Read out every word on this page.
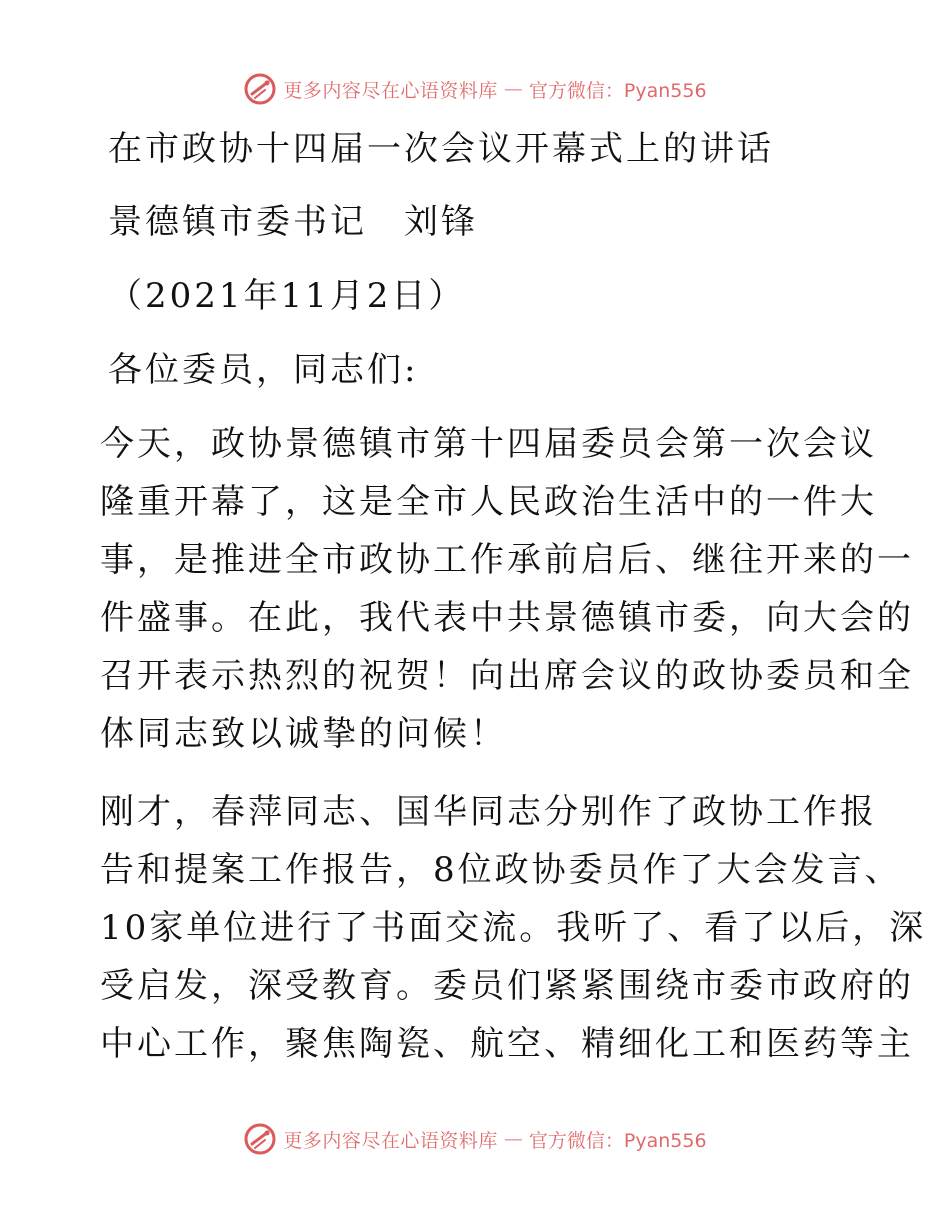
更多内容尽在心语资料库 — 官方微信：Pyan556
在市政协十四届一次会议开幕式上的讲话
景德镇市委书记　刘锋
（2021年11月2日）
各位委员，同志们:
今天，政协景德镇市第十四届委员会第一次会议
隆重开幕了，这是全市人民政治生活中的一件大
事，是推进全市政协工作承前启后、继往开来的一
件盛事。在此，我代表中共景德镇市委，向大会的
召开表示热烈的祝贺！向出席会议的政协委员和全
体同志致以诚挚的问候！
刚才，春萍同志、国华同志分别作了政协工作报
告和提案工作报告，8位政协委员作了大会发言、
10家单位进行了书面交流。我听了、看了以后，深
受启发，深受教育。委员们紧紧围绕市委市政府的
中心工作，聚焦陶瓷、航空、精细化工和医药等主
更多内容尽在心语资料库 — 官方微信：Pyan556
